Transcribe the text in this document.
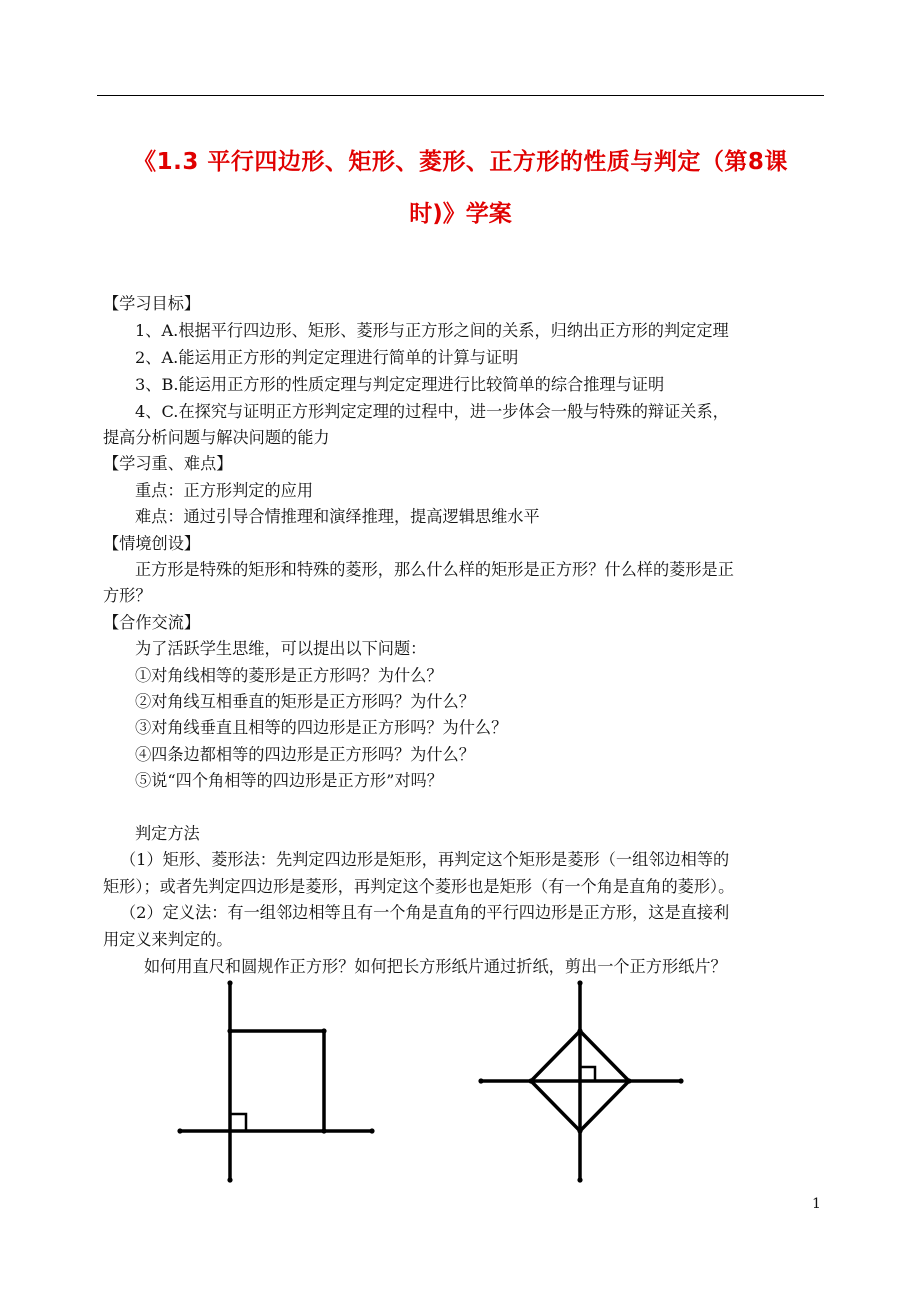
《1.3 平行四边形、矩形、菱形、正方形的性质与判定（第8课
时)》学案
【学习目标】
1、A.根据平行四边形、矩形、菱形与正方形之间的关系，归纳出正方形的判定定理
2、A.能运用正方形的判定定理进行简单的计算与证明
3、B.能运用正方形的性质定理与判定定理进行比较简单的综合推理与证明
4、C.在探究与证明正方形判定定理的过程中，进一步体会一般与特殊的辩证关系，
提高分析问题与解决问题的能力
【学习重、难点】
重点：正方形判定的应用
难点：通过引导合情推理和演绎推理，提高逻辑思维水平
【情境创设】
正方形是特殊的矩形和特殊的菱形，那么什么样的矩形是正方形？什么样的菱形是正
方形？
【合作交流】
为了活跃学生思维，可以提出以下问题：
①对角线相等的菱形是正方形吗？为什么？
②对角线互相垂直的矩形是正方形吗？为什么？
③对角线垂直且相等的四边形是正方形吗？为什么？
④四条边都相等的四边形是正方形吗？为什么？
⑤说“四个角相等的四边形是正方形”对吗？
判定方法
（1）矩形、菱形法：先判定四边形是矩形，再判定这个矩形是菱形（一组邻边相等的
矩形）；或者先判定四边形是菱形，再判定这个菱形也是矩形（有一个角是直角的菱形）。
（2）定义法：有一组邻边相等且有一个角是直角的平行四边形是正方形，这是直接利
用定义来判定的。
如何用直尺和圆规作正方形？如何把长方形纸片通过折纸，剪出一个正方形纸片？
1
